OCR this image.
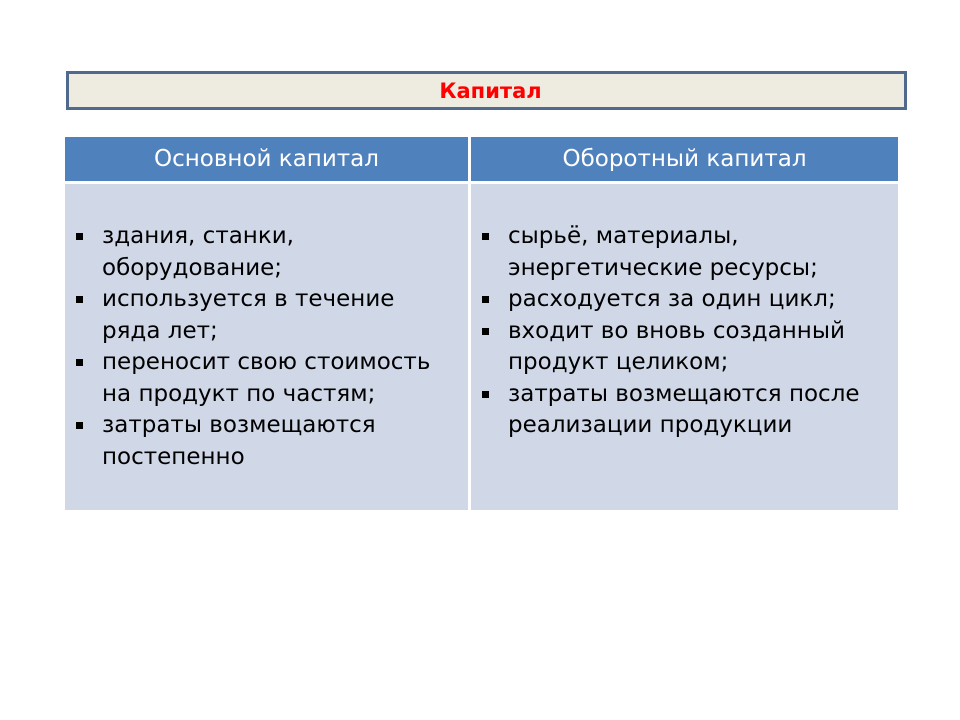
Капитал
Основной капитал	Оборотный капитал
здания, станки, оборудование;
используется в течение ряда лет;
переносит свою стоимость на продукт по частям;
затраты возмещаются постепенно
сырьё, материалы, энергетические ресурсы;
расходуется за один цикл;
входит во вновь созданный продукт целиком;
затраты возмещаются после реализации продукции
